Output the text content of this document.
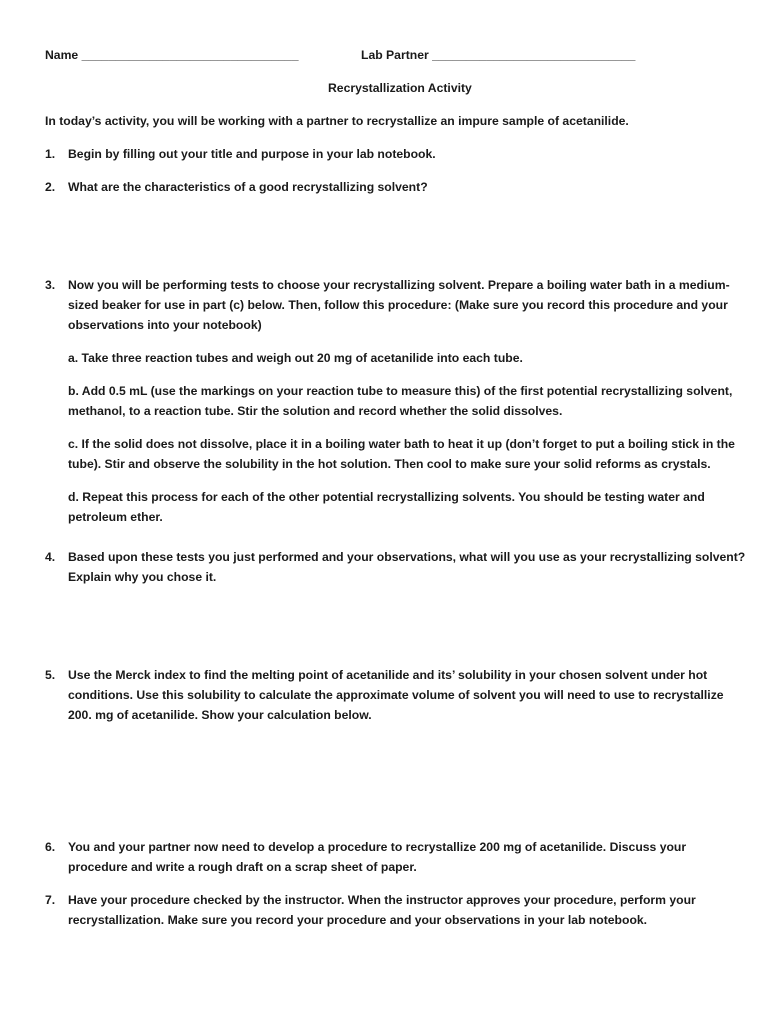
Name ________________________________	Lab Partner ______________________________
Recrystallization Activity
In today’s activity, you will be working with a partner to recrystallize an impure sample of acetanilide.
1. Begin by filling out your title and purpose in your lab notebook.
2. What are the characteristics of a good recrystallizing solvent?
3. Now you will be performing tests to choose your recrystallizing solvent. Prepare a boiling water bath in a medium-
sized beaker for use in part (c) below. Then, follow this procedure: (Make sure you record this procedure and your
observations into your notebook)
a. Take three reaction tubes and weigh out 20 mg of acetanilide into each tube.
b. Add 0.5 mL (use the markings on your reaction tube to measure this) of the first potential recrystallizing solvent,
methanol, to a reaction tube. Stir the solution and record whether the solid dissolves.
c. If the solid does not dissolve, place it in a boiling water bath to heat it up (don’t forget to put a boiling stick in the
tube). Stir and observe the solubility in the hot solution. Then cool to make sure your solid reforms as crystals.
d. Repeat this process for each of the other potential recrystallizing solvents. You should be testing water and
petroleum ether.
4. Based upon these tests you just performed and your observations, what will you use as your recrystallizing solvent?
Explain why you chose it.
5. Use the Merck index to find the melting point of acetanilide and its’ solubility in your chosen solvent under hot
conditions. Use this solubility to calculate the approximate volume of solvent you will need to use to recrystallize
200. mg of acetanilide. Show your calculation below.
6. You and your partner now need to develop a procedure to recrystallize 200 mg of acetanilide. Discuss your
procedure and write a rough draft on a scrap sheet of paper.
7. Have your procedure checked by the instructor. When the instructor approves your procedure, perform your
recrystallization. Make sure you record your procedure and your observations in your lab notebook.
